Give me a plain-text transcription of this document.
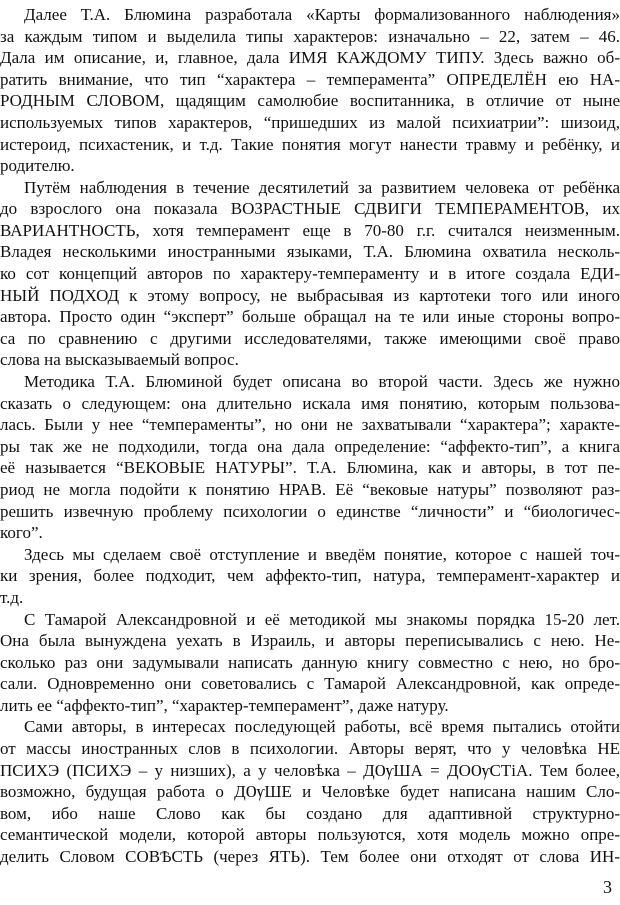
Далее Т.А. Блюмина разработала «Карты формализованного наблюдения»
за каждым типом и выделила типы характеров: изначально – 22, затем – 46.
Дала им описание, и, главное, дала ИМЯ КАЖДОМУ ТИПУ. Здесь важно об-
ратить внимание, что тип “характера – темперамента” ОПРЕДЕЛЁН ею НА-
РОДНЫМ СЛОВОМ, щадящим самолюбие воспитанника, в отличие от ныне
используемых типов характеров, “пришедших из малой психиатрии”: шизоид,
истероид, психастеник, и т.д. Такие понятия могут нанести травму и ребёнку, и
родителю.
Путём наблюдения в течение десятилетий за развитием человека от ребёнка
до взрослого она показала ВОЗРАСТНЫЕ СДВИГИ ТЕМПЕРАМЕНТОВ, их
ВАРИАНТНОСТЬ, хотя темперамент еще в 70-80 г.г. считался неизменным.
Владея несколькими иностранными языками, Т.А. Блюмина охватила несколь-
ко сот концепций авторов по характеру-темпераменту и в итоге создала ЕДИ-
НЫЙ ПОДХОД к этому вопросу, не выбрасывая из картотеки того или иного
автора. Просто один “эксперт” больше обращал на те или иные стороны вопро-
са по сравнению с другими исследователями, также имеющими своё право
слова на высказываемый вопрос.
Методика Т.А. Блюминой будет описана во второй части. Здесь же нужно
сказать о следующем: она длительно искала имя понятию, которым пользова-
лась. Были у нее “темпераменты”, но они не захватывали “характера”; характе-
ры так же не подходили, тогда она дала определение: “аффекто-тип”, а книга
её называется “ВЕКОВЫЕ НАТУРЫ”. Т.А. Блюмина, как и авторы, в тот пе-
риод не могла подойти к понятию НРАВ. Её “вековые натуры” позволяют раз-
решить извечную проблему психологии о единстве “личности” и “биологичес-
кого”.
Здесь мы сделаем своё отступление и введём понятие, которое с нашей точ-
ки зрения, более подходит, чем аффекто-тип, натура, темперамент-характер и
т.д.
С Тамарой Александровной и её методикой мы знакомы порядка 15-20 лет.
Она была вынуждена уехать в Израиль, и авторы переписывались с нею. Не-
сколько раз они задумывали написать данную книгу совместно с нею, но бро-
сали. Одновременно они советовались с Тамарой Александровной, как опреде-
лить ее “аффекто-тип”, “характер-темперамент”, даже натуру.
Сами авторы, в интересах последующей работы, всё время пытались отойти
от массы иностранных слов в психологии. Авторы верят, что у человѣка НЕ
ПСИХЭ (ПСИХЭ – у низших), а у человѣка – ДѸША = ДОѸСТiА. Тем более,
возможно, будущая работа о ДѸШЕ и Человѣке будет написана нашим Сло-
вом, ибо наше Слово как бы создано для адаптивной структурно-
семантической модели, которой авторы пользуются, хотя модель можно опре-
делить Словом СОВѢСТЬ (через ЯТЬ). Тем более они отходят от слова ИН-
3
